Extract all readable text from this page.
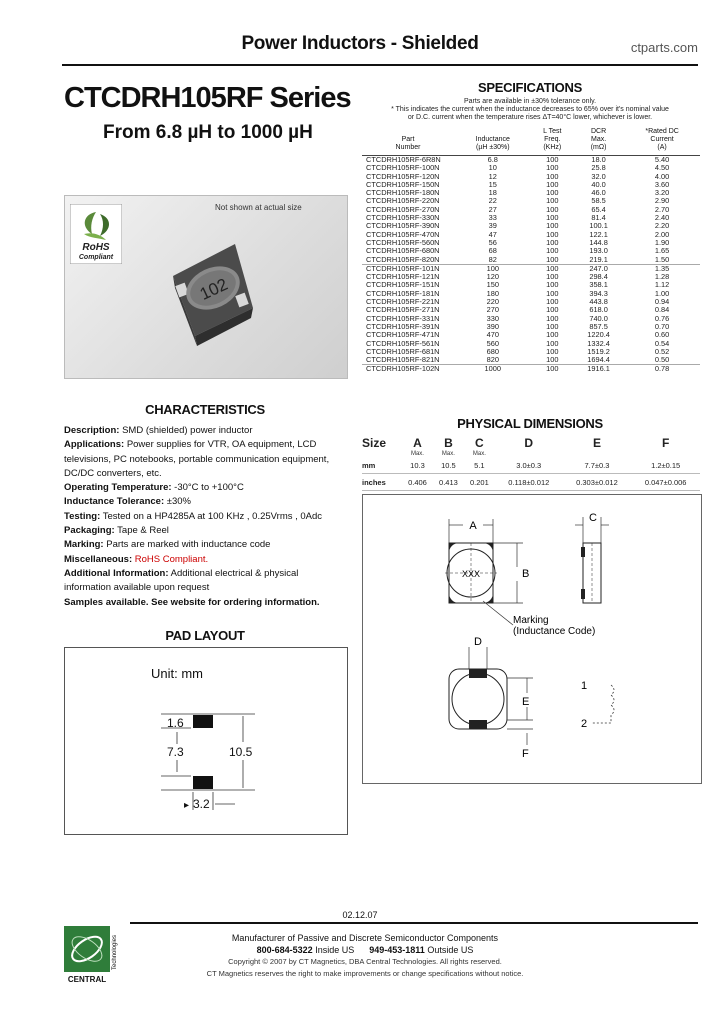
Power Inductors - Shielded	ctparts.com
CTCDRH105RF Series
From 6.8 µH to 1000 µH
102
Not shown at actual size
RoHS
Compliant
CHARACTERISTICS
Description: SMD (shielded) power inductor
Applications: Power supplies for VTR, OA equipment, LCD
televisions, PC notebooks, portable communication equipment,
DC/DC converters, etc.
Operating Temperature: -30°C to +100°C
Inductance Tolerance: ±30%
Testing: Tested on a HP4285A at 100 KHz , 0.25Vrms , 0Adc
Packaging: Tape & Reel
Marking: Parts are marked with inductance code
Miscellaneous: RoHS Compliant.
Additional Information: Additional electrical & physical
information available upon request
Samples available. See website for ordering information.
PAD LAYOUT
Unit: mm
1.6
7.3	10.5
▸ 3.2
SPECIFICATIONS
Parts are available in ±30% tolerance only.
* This indicates the current when the inductance decreases to 65% over it's nominal value
or D.C. current when the temperature rises ΔT=40°C lower, whichever is lower.
Part
Number	Inductance
(µH ±30%)	L Test
Freq.
(KHz)	DCR
Max.
(mΩ)	*Rated DC
Current
(A)
CTCDRH105RF-6R8N	6.8	100	18.0	5.40
CTCDRH105RF-100N	10	100	25.8	4.50
CTCDRH105RF-120N	12	100	32.0	4.00
CTCDRH105RF-150N	15	100	40.0	3.60
CTCDRH105RF-180N	18	100	46.0	3.20
CTCDRH105RF-220N	22	100	58.5	2.90
CTCDRH105RF-270N	27	100	65.4	2.70
CTCDRH105RF-330N	33	100	81.4	2.40
CTCDRH105RF-390N	39	100	100.1	2.20
CTCDRH105RF-470N	47	100	122.1	2.00
CTCDRH105RF-560N	56	100	144.8	1.90
CTCDRH105RF-680N	68	100	193.0	1.65
CTCDRH105RF-820N	82	100	219.1	1.50
CTCDRH105RF-101N	100	100	247.0	1.35
CTCDRH105RF-121N	120	100	298.4	1.28
CTCDRH105RF-151N	150	100	358.1	1.12
CTCDRH105RF-181N	180	100	394.3	1.00
CTCDRH105RF-221N	220	100	443.8	0.94
CTCDRH105RF-271N	270	100	618.0	0.84
CTCDRH105RF-331N	330	100	740.0	0.76
CTCDRH105RF-391N	390	100	857.5	0.70
CTCDRH105RF-471N	470	100	1220.4	0.60
CTCDRH105RF-561N	560	100	1332.4	0.54
CTCDRH105RF-681N	680	100	1519.2	0.52
CTCDRH105RF-821N	820	100	1694.4	0.50
CTCDRH105RF-102N	1000	100	1916.1	0.78
PHYSICAL DIMENSIONS
Size	A	B	C	D	E	F
	Max.	Max.	Max.			
mm	10.3	10.5	5.1	3.0±0.3	7.7±0.3	1.2±0.15
inches	0.406	0.413	0.201	0.118±0.012	0.303±0.012	0.047±0.006
A
XXX	B
Marking (Inductance Code)
C
D
E
F
1
2
02.12.07
CENTRAL
Technologies	Manufacturer of Passive and Discrete Semiconductor Components
800-684-5322 Inside US 949-453-1811 Outside US
Copyright © 2007 by CT Magnetics, DBA Central Technologies. All rights reserved.
CT Magnetics reserves the right to make improvements or change specifications without notice.
